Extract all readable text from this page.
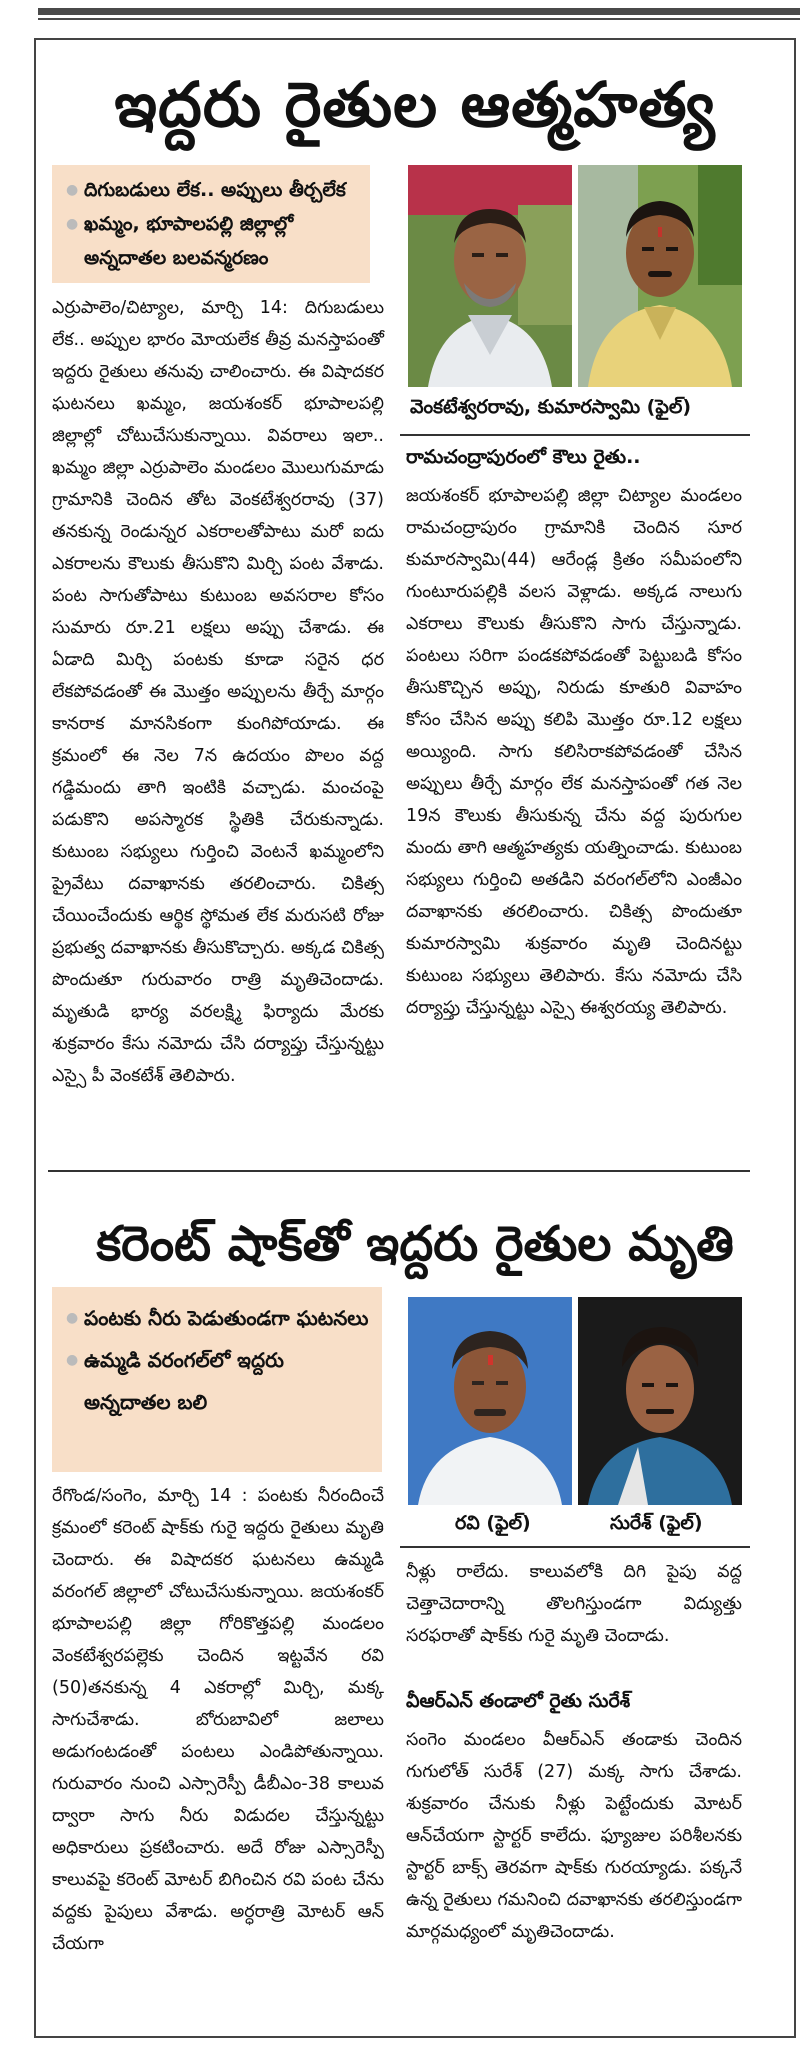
ఇద్దరు రైతుల ఆత్మహత్య
కరెంట్ షాక్‌తో ఇద్దరు రైతుల మృతి
● దిగుబడులు లేక.. అప్పులు తీర్చలేక
● ఖమ్మం, భూపాలపల్లి జిల్లాల్లో అన్నదాతల బలవన్మరణం
వెంకటేశ్వరరావు, కుమారస్వామి (ఫైల్)
రామచంద్రాపురంలో కౌలు రైతు..

ఎర్రుపాలెం/చిట్యాల, మార్చి 14: దిగుబడులు లేక.. అప్పుల భారం మోయలేక తీవ్ర మనస్తాపంతో ఇద్దరు రైతులు తనువు చాలించారు. ఈ విషాదకర ఘటనలు ఖమ్మం, జయశంకర్ భూపాలపల్లి జిల్లాల్లో చోటుచేసుకున్నాయి. వివరాలు ఇలా.. ఖమ్మం జిల్లా ఎర్రుపాలెం మండలం మొలుగుమాడు గ్రామానికి చెందిన తోట వెంకటేశ్వరరావు (37) తనకున్న రెండున్నర ఎకరాలతోపాటు మరో ఐదు ఎకరాలను కౌలుకు తీసుకొని మిర్చి పంట వేశాడు. పంట సాగుతోపాటు కుటుంబ అవసరాల కోసం సుమారు రూ.21 లక్షలు అప్పు చేశాడు. ఈ ఏడాది మిర్చి పంటకు కూడా సరైన ధర లేకపోవడంతో ఈ మొత్తం అప్పులను తీర్చే మార్గం కానరాక మానసికంగా కుంగిపోయాడు. ఈ క్రమంలో ఈ నెల 7న ఉదయం పొలం వద్ద గడ్డిమందు తాగి ఇంటికి వచ్చాడు. మంచంపై పడుకొని అపస్మారక స్థితికి చేరుకున్నాడు. కుటుంబ సభ్యులు గుర్తించి వెంటనే ఖమ్మంలోని ప్రైవేటు దవాఖానకు తరలించారు. చికిత్స చేయించేందుకు ఆర్థిక స్థోమత లేక మరుసటి రోజు ప్రభుత్వ దవాఖానకు తీసుకొచ్చారు. అక్కడ చికిత్స పొందుతూ గురువారం రాత్రి మృతిచెందాడు. మృతుడి భార్య వరలక్ష్మి ఫిర్యాదు మేరకు శుక్రవారం కేసు నమోదు చేసి దర్యాప్తు చేస్తున్నట్టు ఎస్సై పీ వెంకటేశ్ తెలిపారు.

జయశంకర్ భూపాలపల్లి జిల్లా చిట్యాల మండలం రామచంద్రాపురం గ్రామానికి చెందిన సూర కుమారస్వామి(44) ఆరేండ్ల క్రితం సమీపంలోని గుంటూరుపల్లికి వలస వెళ్లాడు. అక్కడ నాలుగు ఎకరాలు కౌలుకు తీసుకొని సాగు చేస్తున్నాడు. పంటలు సరిగా పండకపోవడంతో పెట్టుబడి కోసం తీసుకొచ్చిన అప్పు, నిరుడు కూతురి వివాహం కోసం చేసిన అప్పు కలిపి మొత్తం రూ.12 లక్షలు అయ్యింది. సాగు కలిసిరాకపోవడంతో చేసిన అప్పులు తీర్చే మార్గం లేక మనస్తాపంతో గత నెల 19న కౌలుకు తీసుకున్న చేను వద్ద పురుగుల మందు తాగి ఆత్మహత్యకు యత్నించాడు. కుటుంబ సభ్యులు గుర్తించి అతడిని వరంగల్‌లోని ఎంజీఎం దవాఖానకు తరలించారు. చికిత్స పొందుతూ కుమారస్వామి శుక్రవారం మృతి చెందినట్టు కుటుంబ సభ్యులు తెలిపారు. కేసు నమోదు చేసి దర్యాప్తు చేస్తున్నట్టు ఎస్సై ఈశ్వరయ్య తెలిపారు.

● పంటకు నీరు పెడుతుండగా ఘటనలు
● ఉమ్మడి వరంగల్‌లో ఇద్దరు అన్నదాతల బలి
రవి (ఫైల్)	సురేశ్ (ఫైల్)

రేగొండ/సంగెం, మార్చి 14 : పంటకు నీరందించే క్రమంలో కరెంట్ షాక్‌కు గురై ఇద్దరు రైతులు మృతి చెందారు. ఈ విషాదకర ఘటనలు ఉమ్మడి వరంగల్ జిల్లాలో చోటుచేసుకున్నాయి. జయశంకర్ భూపాలపల్లి జిల్లా గోరికొత్తపల్లి మండలం వెంకటేశ్వరపల్లెకు చెందిన ఇట్టవేన రవి (50)తనకున్న 4 ఎకరాల్లో మిర్చి, మక్క సాగుచేశాడు. బోరుబావిలో జలాలు అడుగంటడంతో పంటలు ఎండిపోతున్నాయి. గురువారం నుంచి ఎస్సారెస్పీ డీబీఎం-38 కాలువ ద్వారా సాగు నీరు విడుదల చేస్తున్నట్టు అధికారులు ప్రకటించారు. అదే రోజు ఎస్సారెస్పీ కాలువపై కరెంట్ మోటర్ బిగించిన రవి పంట చేను వద్దకు పైపులు వేశాడు. అర్ధరాత్రి మోటర్ ఆన్ చేయగా

నీళ్లు రాలేదు. కాలువలోకి దిగి పైపు వద్ద చెత్తాచెదారాన్ని తొలగిస్తుండగా విద్యుత్తు సరఫరాతో షాక్‌కు గురై మృతి చెందాడు.

వీఆర్ఎన్ తండాలో రైతు సురేశ్

సంగెం మండలం వీఆర్ఎన్ తండాకు చెందిన గుగులోత్ సురేశ్ (27) మక్క సాగు చేశాడు. శుక్రవారం చేనుకు నీళ్లు పెట్టేందుకు మోటర్ ఆన్‌చేయగా స్టార్టర్ కాలేదు. ఫ్యూజుల పరిశీలనకు స్టార్టర్ బాక్స్ తెరవగా షాక్‌కు గురయ్యాడు. పక్కనే ఉన్న రైతులు గమనించి దవాఖానకు తరలిస్తుండగా మార్గమధ్యంలో మృతిచెందాడు.
